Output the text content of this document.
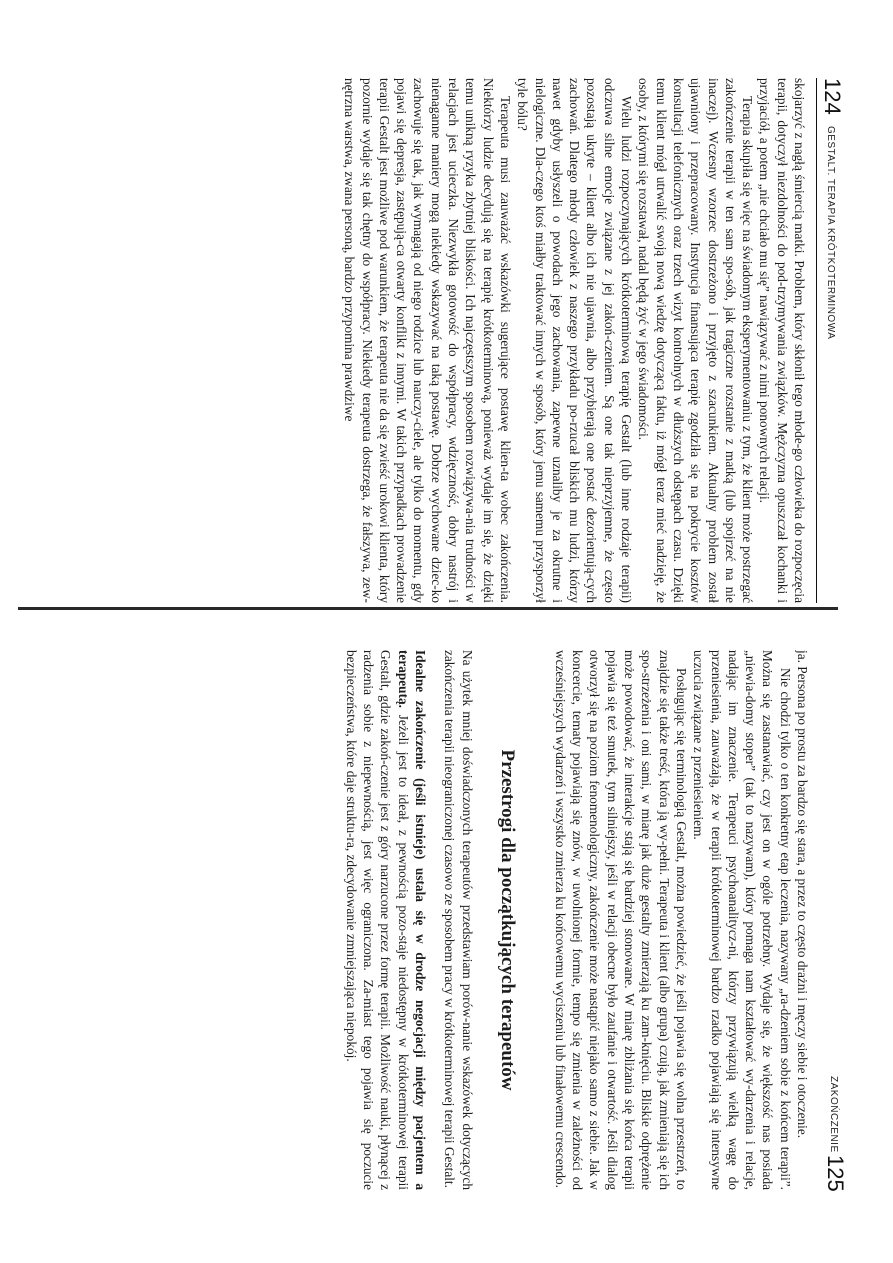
124
GESTALT. TERAPIA KRÓTKOTERMINOWA

skojarzyć z nagłą śmiercią matki. Problem, który skłonił tego młode-go człowieka do rozpoczęcia terapii, dotyczył niezdolności do pod-trzymywania związków. Mężczyzna opuszczał kochanki i przyjaciół, a potem „nie chciało mu się” nawiązywać z nimi ponownych relacji.

Terapia skupiła się więc na świadomym eksperymentowaniu z tym, że klient może postrzegać zakończenie terapii w ten sam spo-sób, jak tragiczne rozstanie z matką (lub spojrzeć na nie inaczej). Wczesny wzorzec dostrzeżono i przyjęto z szacunkiem. Aktualny problem został ujawniony i przepracowany. Instytucja finansująca terapię zgodziła się na pokrycie kosztów konsultacji telefonicznych oraz trzech wizyt kontrolnych w dłuższych odstępach czasu. Dzięki temu klient mógł utrwalić swoją nową wiedzę dotyczącą faktu, iż mógł teraz mieć nadzieję, że osoby, z którymi się rozstawał, nadal będą żyć w jego świadomości.

Wielu ludzi rozpoczynających krótkoterminową terapię Gestalt (lub inne rodzaje terapii) odczuwa silne emocje związane z jej zakoń-czeniem. Są one tak nieprzyjemne, że często pozostają ukryte – klient albo ich nie ujawnia, albo przybierają one postać dezorientują-cych zachowań. Dlatego młody człowiek z naszego przykładu po-rzucał bliskich mu ludzi, którzy nawet gdyby usłyszeli o powodach jego zachowania, zapewne uznaliby je za okrutne i nielogiczne. Dla-czego ktoś miałby traktować innych w sposób, który jemu samemu przysporzył tyle bólu?

Terapeuta musi zauważać wskazówki sugerujące postawę klien-ta wobec zakończenia. Niektórzy ludzie decydują się na terapię krótkoterminową, ponieważ wydaje im się, że dzięki temu unikną ryzyka zbytniej bliskości. Ich najczęstszym sposobem rozwiązywa-nia trudności w relacjach jest ucieczka. Niezwykła gotowość do współpracy, wdzięczność, dobry nastrój i nienaganne maniery mogą niekiedy wskazywać na taką postawę. Dobrze wychowane dziec-ko zachowuje się tak, jak wymagają od niego rodzice lub nauczy-ciele, ale tylko do momentu, gdy pojawi się depresja, zastępują-ca otwarty konflikt z innymi. W takich przypadkach prowadzenie terapii Gestalt jest możliwe pod warunkiem, że terapeuta nie da się zwieść urokowi klienta, który pozornie wydaje się tak chętny do współpracy. Niekiedy terapeuta dostrzega, że fałszywa, zew-nętrzna warstwa, zwana personą, bardzo przypomina prawdziwe

ZAKOŃCZENIE
125

ja. Persona po prostu za bardzo się stara, a przez to często drażni i męczy siebie i otoczenie.

Nie chodzi tylko o ten konkretny etap leczenia, nazywany „ra-dzeniem sobie z końcem terapii”. Można się zastanawiać, czy jest on w ogóle potrzebny. Wydaje się, że większość nas posiada „niewia-domy stoper” (tak to nazywam), który pomaga nam kształtować wy-darzenia i relacje, nadając im znaczenie. Terapeuci psychoanalitycz-ni, którzy przywiązują wielką wagę do przeniesienia, zauważają, że w terapii krótkoterminowej bardzo rzadko pojawiają się intensywne uczucia związane z przeniesieniem.

Posługując się terminologią Gestalt, można powiedzieć, że jeśli pojawia się wolna przestrzeń, to znajdzie się także treść, która ją wy-pełni. Terapeuta i klient (albo grupa) czują, jak zmieniają się ich spo-strzeżenia i oni sami, w miarę jak duże gestalty zmierzają ku zam-knięciu. Bliskie odprężenie może powodować, że interakcje stają się bardziej stonowane. W miarę zbliżania się końca terapii pojawia się też smutek, tym silniejszy, jeśli w relacji obecne było zaufanie i otwartość. Jeśli dialog otworzył się na poziom fenomenologiczny, zakończenie może nastąpić niejako samo z siebie. Jak w koncercie, tematy pojawiają się znów, w uwolnionej formie, tempo się zmienia w zależności od wcześniejszych wydarzeń i wszystko zmierza ku końcowemu wyciszeniu lub finałowemu crescendo.

Przestrogi dla początkujących terapeutów

Na użytek mniej doświadczonych terapeutów przedstawiam porów-nanie wskazówek dotyczących zakończenia terapii nieograniczonej czasowo ze sposobem pracy w krótkoterminowej terapii Gestalt.

Idealne zakończenie (jeśli istnieje) ustala się w drodze negocjacji między pacjentem a terapeutą. Jeżeli jest to ideał, z pewnością pozo-staje niedostępny w krótkoterminowej terapii Gestalt, gdzie zakoń-czenie jest z góry narzucone przez formę terapii. Możliwość nauki, płynącej z radzenia sobie z niepewnością, jest więc ograniczona. Za-miast tego pojawia się poczucie bezpieczeństwa, które daje struktu-ra, zdecydowanie zmniejszająca niepokój.
